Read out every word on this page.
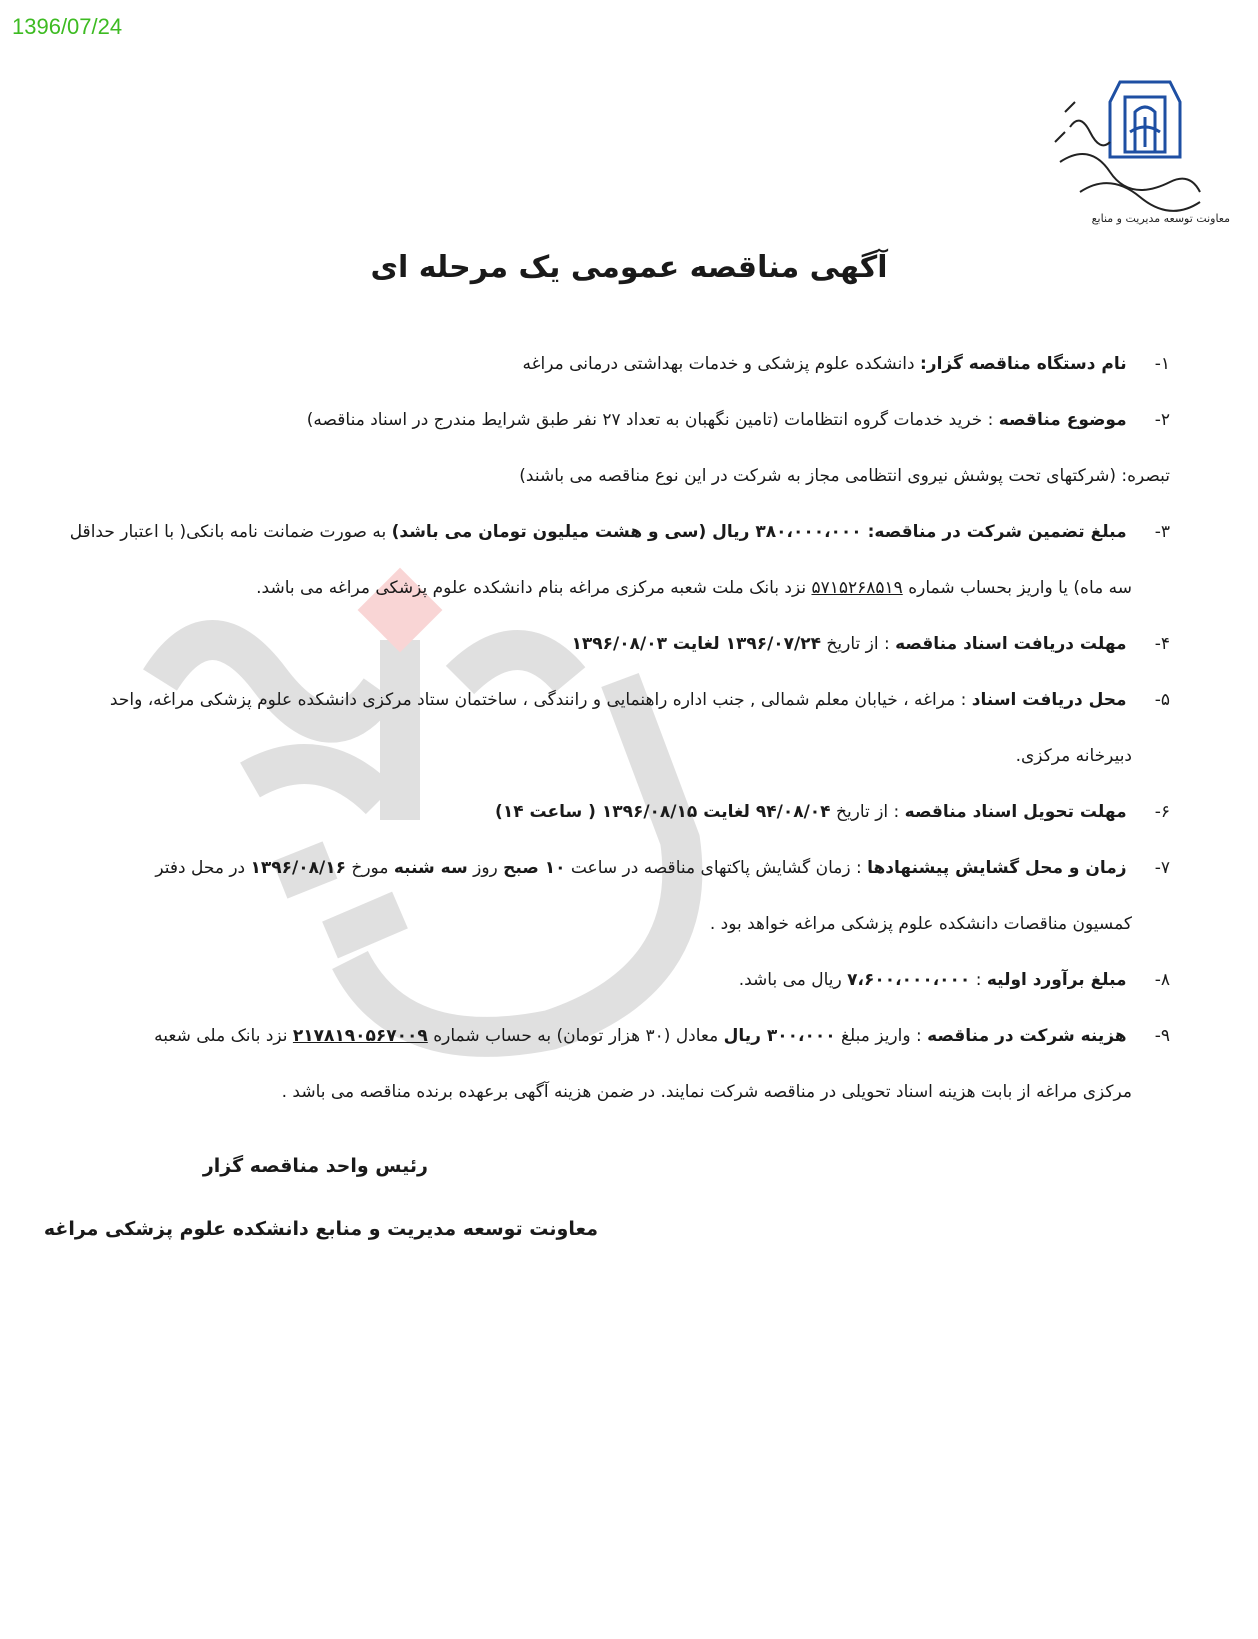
1396/07/24
معاونت توسعه مدیریت و منابع
آگهی مناقصه عمومی یک مرحله ای
۱- نام دستگاه مناقصه گزار: دانشکده علوم پزشکی و خدمات بهداشتی درمانی مراغه
۲- موضوع مناقصه : خرید خدمات گروه انتظامات (تامین نگهبان به تعداد ۲۷ نفر طبق شرایط مندرج در اسناد مناقصه)
تبصره: (شرکتهای تحت پوشش نیروی انتظامی مجاز به شرکت در این نوع مناقصه می باشند)
۳- مبلغ تضمین شرکت در مناقصه: ۳۸۰،۰۰۰،۰۰۰ ریال (سی و هشت میلیون تومان می باشد) به صورت ضمانت نامه بانکی( با اعتبار حداقل
سه ماه) یا واریز بحساب شماره ۵۷۱۵۲۶۸۵۱۹ نزد بانک ملت شعبه مرکزی مراغه بنام دانشکده علوم پزشکی مراغه می باشد.
۴- مهلت دریافت اسناد مناقصه : از تاریخ ۱۳۹۶/۰۷/۲۴ لغایت ۱۳۹۶/۰۸/۰۳
۵- محل دریافت اسناد : مراغه ، خیابان معلم شمالی , جنب اداره راهنمایی و رانندگی ، ساختمان ستاد مرکزی دانشکده علوم پزشکی مراغه، واحد
دبیرخانه مرکزی.
۶- مهلت تحویل اسناد مناقصه : از تاریخ ۹۴/۰۸/۰۴ لغایت ۱۳۹۶/۰۸/۱۵ ( ساعت ۱۴)
۷- زمان و محل گشایش پیشنهادها : زمان گشایش پاکتهای مناقصه در ساعت ۱۰ صبح روز سه شنبه مورخ ۱۳۹۶/۰۸/۱۶ در محل دفتر
کمسیون مناقصات دانشکده علوم پزشکی مراغه خواهد بود .
۸- مبلغ برآورد اولیه : ۷،۶۰۰،۰۰۰،۰۰۰ ریال می باشد.
۹- هزینه شرکت در مناقصه : واریز مبلغ ۳۰۰،۰۰۰ ریال معادل (۳۰ هزار تومان) به حساب شماره ۲۱۷۸۱۹۰۵۶۷۰۰۹ نزد بانک ملی شعبه
مرکزی مراغه از بابت هزینه اسناد تحویلی در مناقصه شرکت نمایند. در ضمن هزینه آگهی برعهده برنده مناقصه می باشد .
رئیس واحد مناقصه گزار
معاونت توسعه مدیریت و منابع دانشکده علوم پزشکی مراغه
